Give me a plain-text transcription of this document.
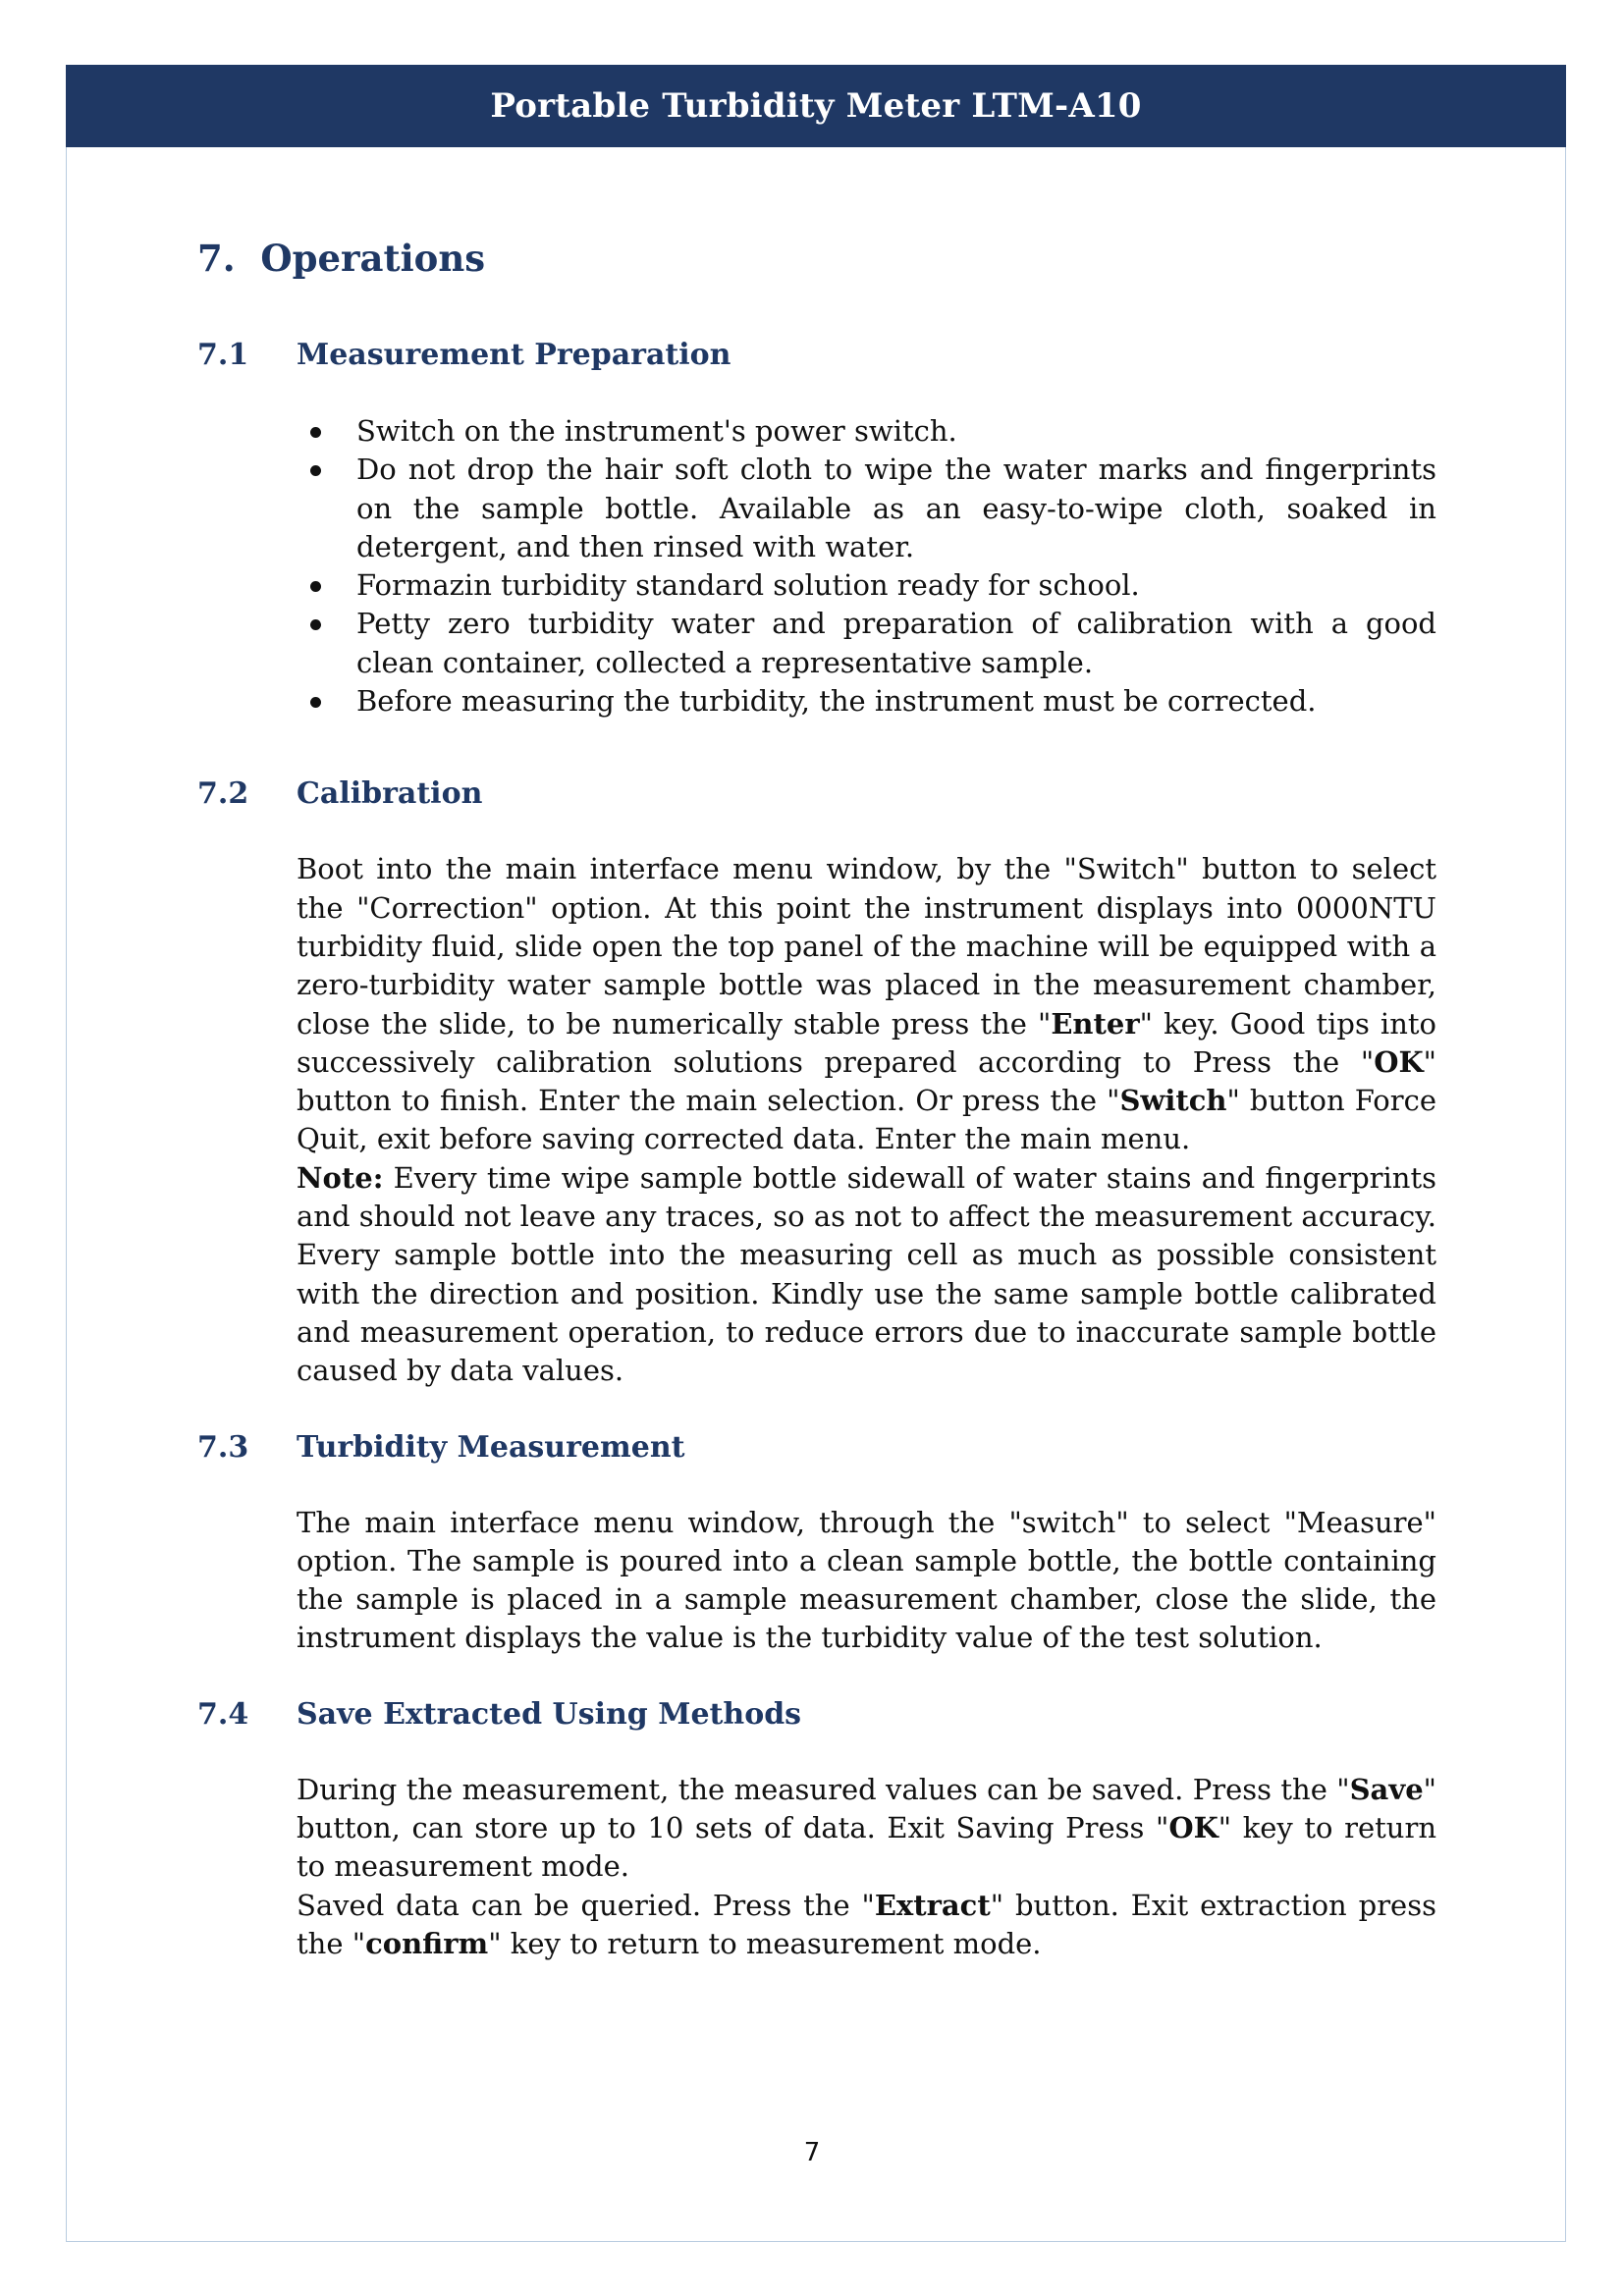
Portable Turbidity Meter LTM-A10
7. Operations
7.1	Measurement Preparation
Switch on the instrument's power switch.
Do not drop the hair soft cloth to wipe the water marks and fingerprints on the sample bottle. Available as an easy-to-wipe cloth, soaked in detergent, and then rinsed with water.
Formazin turbidity standard solution ready for school.
Petty zero turbidity water and preparation of calibration with a good clean container, collected a representative sample.
Before measuring the turbidity, the instrument must be corrected.
7.2	Calibration
Boot into the main interface menu window, by the "Switch" button to select the "Correction" option. At this point the instrument displays into 0000NTU turbidity fluid, slide open the top panel of the machine will be equipped with a zero-turbidity water sample bottle was placed in the measurement chamber, close the slide, to be numerically stable press the "Enter" key. Good tips into successively calibration solutions prepared according to Press the "OK" button to finish. Enter the main selection. Or press the "Switch" button Force Quit, exit before saving corrected data. Enter the main menu.
Note: Every time wipe sample bottle sidewall of water stains and fingerprints and should not leave any traces, so as not to affect the measurement accuracy. Every sample bottle into the measuring cell as much as possible consistent with the direction and position. Kindly use the same sample bottle calibrated and measurement operation, to reduce errors due to inaccurate sample bottle caused by data values.
7.3	Turbidity Measurement
The main interface menu window, through the "switch" to select "Measure" option. The sample is poured into a clean sample bottle, the bottle containing the sample is placed in a sample measurement chamber, close the slide, the instrument displays the value is the turbidity value of the test solution.
7.4	Save Extracted Using Methods
During the measurement, the measured values can be saved. Press the "Save" button, can store up to 10 sets of data. Exit Saving Press "OK" key to return to measurement mode.
Saved data can be queried. Press the "Extract" button. Exit extraction press the "confirm" key to return to measurement mode.
7
